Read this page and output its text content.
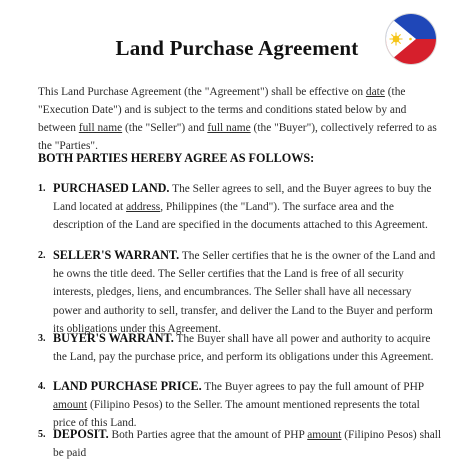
Land Purchase Agreement
This Land Purchase Agreement (the "Agreement") shall be effective on date (the "Execution Date") and is subject to the terms and conditions stated below by and between full name (the "Seller") and full name (the "Buyer"), collectively referred to as the "Parties".
BOTH PARTIES HEREBY AGREE AS FOLLOWS:
1. PURCHASED LAND. The Seller agrees to sell, and the Buyer agrees to buy the Land located at address, Philippines (the "Land"). The surface area and the description of the Land are specified in the documents attached to this Agreement.
2. SELLER'S WARRANT. The Seller certifies that he is the owner of the Land and he owns the title deed. The Seller certifies that the Land is free of all security interests, pledges, liens, and encumbrances. The Seller shall have all necessary power and authority to sell, transfer, and deliver the Land to the Buyer and perform its obligations under this Agreement.
3. BUYER'S WARRANT. The Buyer shall have all power and authority to acquire the Land, pay the purchase price, and perform its obligations under this Agreement.
4. LAND PURCHASE PRICE. The Buyer agrees to pay the full amount of PHP amount (Filipino Pesos) to the Seller. The amount mentioned represents the total price of this Land.
5. DEPOSIT. Both Parties agree that the amount of PHP amount (Filipino Pesos) shall be paid
